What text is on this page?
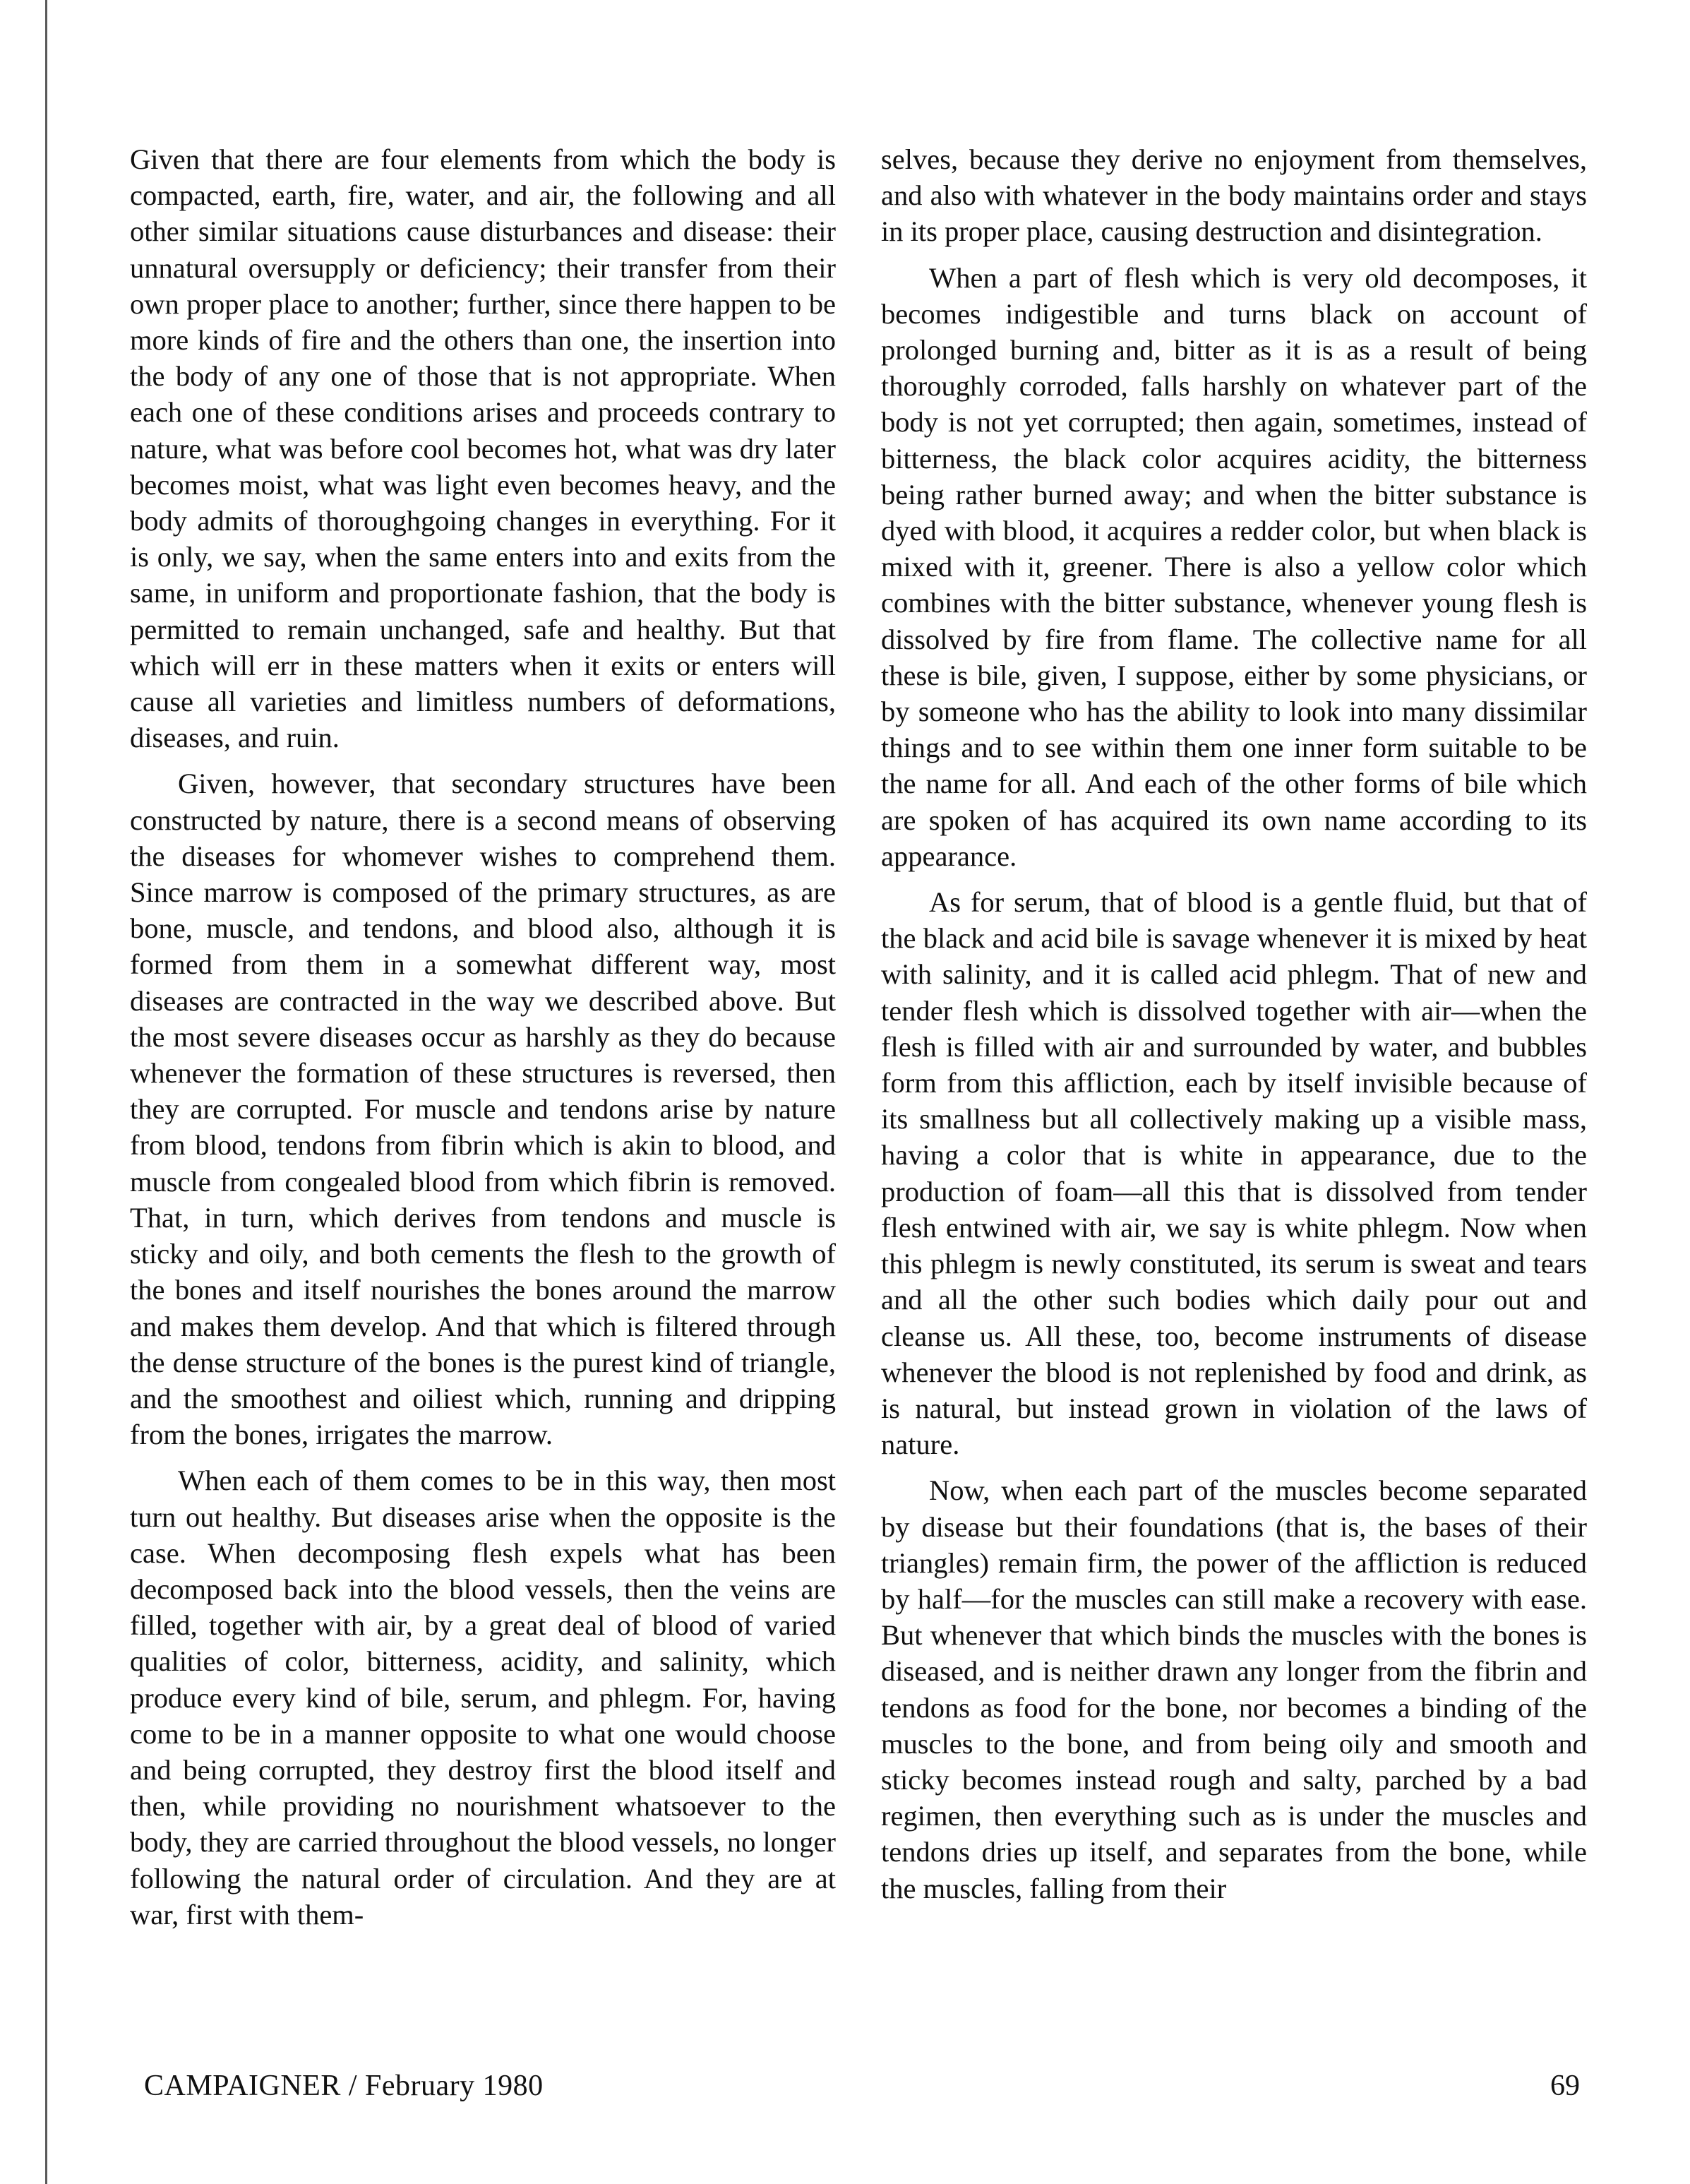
Given that there are four elements from which the body is compacted, earth, fire, water, and air, the following and all other similar situations cause disturbances and disease: their unnatural oversupply or deficiency; their transfer from their own proper place to another; further, since there happen to be more kinds of fire and the others than one, the insertion into the body of any one of those that is not appropriate. When each one of these conditions arises and proceeds contrary to nature, what was before cool becomes hot, what was dry later becomes moist, what was light even becomes heavy, and the body admits of thoroughgoing changes in everything. For it is only, we say, when the same enters into and exits from the same, in uniform and proportionate fashion, that the body is permitted to remain unchanged, safe and healthy. But that which will err in these matters when it exits or enters will cause all varieties and limitless numbers of deformations, diseases, and ruin.

Given, however, that secondary structures have been constructed by nature, there is a second means of observing the diseases for whomever wishes to comprehend them. Since marrow is composed of the primary structures, as are bone, muscle, and tendons, and blood also, although it is formed from them in a somewhat different way, most diseases are contracted in the way we described above. But the most severe diseases occur as harshly as they do because whenever the formation of these structures is reversed, then they are corrupted. For muscle and tendons arise by nature from blood, tendons from fibrin which is akin to blood, and muscle from congealed blood from which fibrin is removed. That, in turn, which derives from tendons and muscle is sticky and oily, and both cements the flesh to the growth of the bones and itself nourishes the bones around the marrow and makes them develop. And that which is filtered through the dense structure of the bones is the purest kind of triangle, and the smoothest and oiliest which, running and dripping from the bones, irrigates the marrow.

When each of them comes to be in this way, then most turn out healthy. But diseases arise when the opposite is the case. When decomposing flesh expels what has been decomposed back into the blood vessels, then the veins are filled, together with air, by a great deal of blood of varied qualities of color, bitterness, acidity, and salinity, which produce every kind of bile, serum, and phlegm. For, having come to be in a manner opposite to what one would choose and being corrupted, they destroy first the blood itself and then, while providing no nourishment whatsoever to the body, they are carried throughout the blood vessels, no longer following the natural order of circulation. And they are at war, first with them-

selves, because they derive no enjoyment from themselves, and also with whatever in the body maintains order and stays in its proper place, causing destruction and disintegration.

When a part of flesh which is very old decomposes, it becomes indigestible and turns black on account of prolonged burning and, bitter as it is as a result of being thoroughly corroded, falls harshly on whatever part of the body is not yet corrupted; then again, sometimes, instead of bitterness, the black color acquires acidity, the bitterness being rather burned away; and when the bitter substance is dyed with blood, it acquires a redder color, but when black is mixed with it, greener. There is also a yellow color which combines with the bitter substance, whenever young flesh is dissolved by fire from flame. The collective name for all these is bile, given, I suppose, either by some physicians, or by someone who has the ability to look into many dissimilar things and to see within them one inner form suitable to be the name for all. And each of the other forms of bile which are spoken of has acquired its own name according to its appearance.

As for serum, that of blood is a gentle fluid, but that of the black and acid bile is savage whenever it is mixed by heat with salinity, and it is called acid phlegm. That of new and tender flesh which is dissolved together with air—when the flesh is filled with air and surrounded by water, and bubbles form from this affliction, each by itself invisible because of its smallness but all collectively making up a visible mass, having a color that is white in appearance, due to the production of foam—all this that is dissolved from tender flesh entwined with air, we say is white phlegm. Now when this phlegm is newly constituted, its serum is sweat and tears and all the other such bodies which daily pour out and cleanse us. All these, too, become instruments of disease whenever the blood is not replenished by food and drink, as is natural, but instead grown in violation of the laws of nature.

Now, when each part of the muscles become separated by disease but their foundations (that is, the bases of their triangles) remain firm, the power of the affliction is reduced by half—for the muscles can still make a recovery with ease. But whenever that which binds the muscles with the bones is diseased, and is neither drawn any longer from the fibrin and tendons as food for the bone, nor becomes a binding of the muscles to the bone, and from being oily and smooth and sticky becomes instead rough and salty, parched by a bad regimen, then everything such as is under the muscles and tendons dries up itself, and separates from the bone, while the muscles, falling from their

CAMPAIGNER / February 1980	69
